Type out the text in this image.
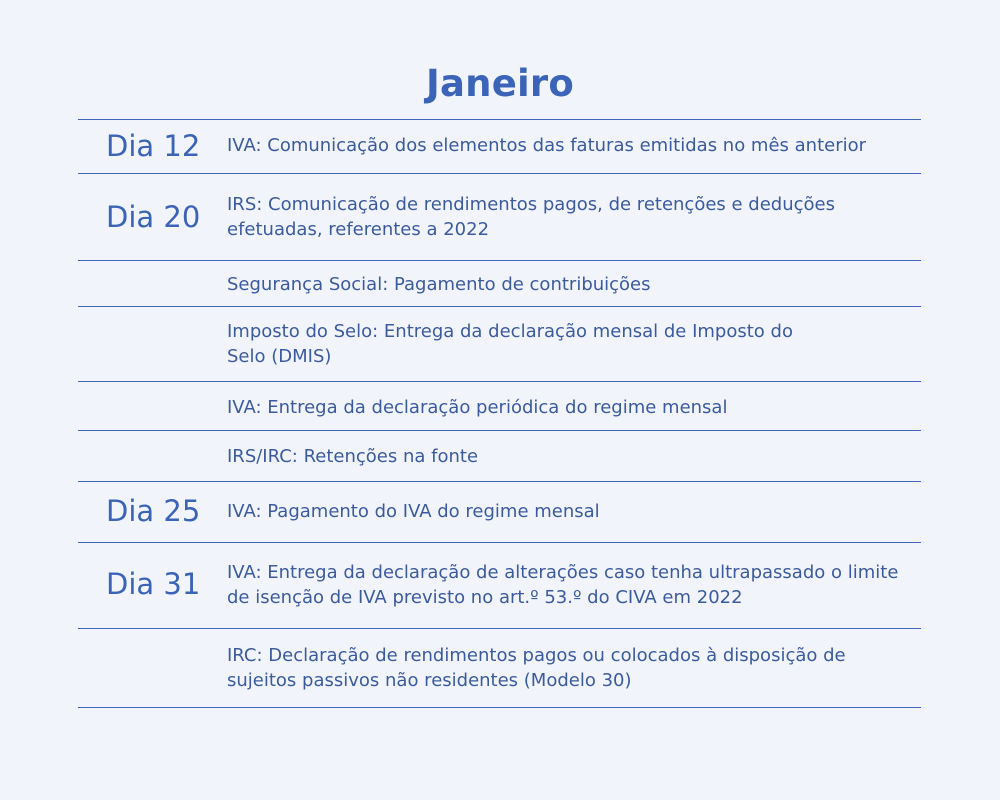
Janeiro
Dia 12 IVA: Comunicação dos elementos das faturas emitidas no mês anterior
Dia 20 IRS: Comunicação de rendimentos pagos, de retenções e deduções efetuadas, referentes a 2022
Segurança Social: Pagamento de contribuições
Imposto do Selo: Entrega da declaração mensal de Imposto do Selo (DMIS)
IVA: Entrega da declaração periódica do regime mensal
IRS/IRC: Retenções na fonte
Dia 25 IVA: Pagamento do IVA do regime mensal
Dia 31 IVA: Entrega da declaração de alterações caso tenha ultrapassado o limite de isenção de IVA previsto no art.º 53.º do CIVA em 2022
IRC: Declaração de rendimentos pagos ou colocados à disposição de sujeitos passivos não residentes (Modelo 30)
